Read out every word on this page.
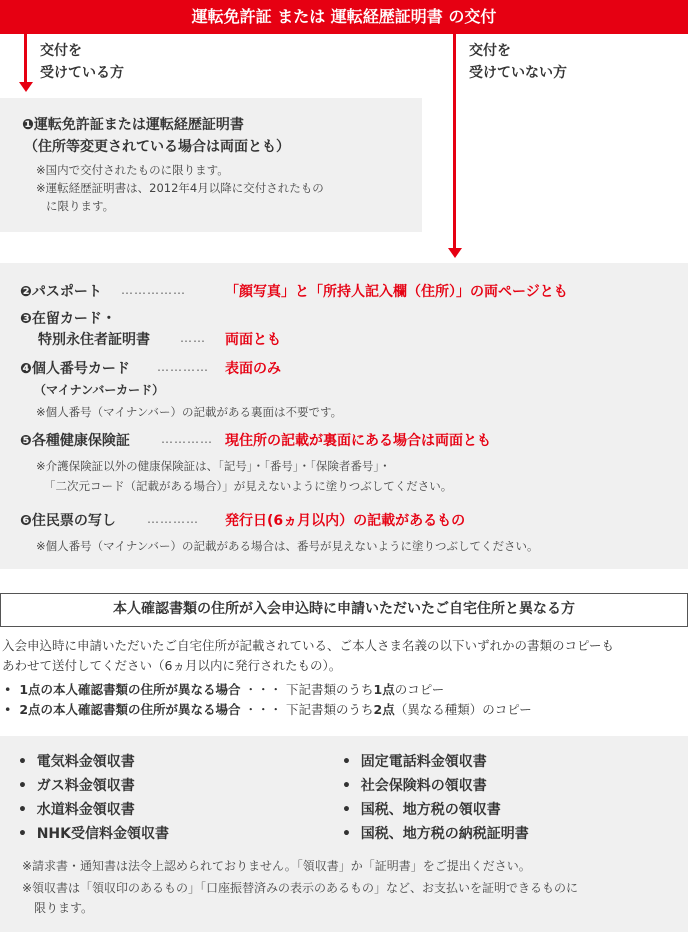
運転免許証 または 運転経歴証明書 の交付
交付を
受けている方
交付を
受けていない方
❶運転免許証または運転経歴証明書
（住所等変更されている場合は両面とも）
※国内で交付されたものに限ります。
※運転経歴証明書は、2012年4月以降に交付されたもの
に限ります。
❷パスポート ……………	「顔写真」と「所持人記入欄（住所）」の両ページとも
❸在留カード・
特別永住者証明書	…… 両面とも
❹個人番号カード ………… 表面のみ
（マイナンバーカード）
※個人番号（マイナンバー）の記載がある裏面は不要です。
❺各種健康保険証	………… 現住所の記載が裏面にある場合は両面とも
※介護保険証以外の健康保険証は、「記号」・「番号」・「保険者番号」・
「二次元コード（記載がある場合）」が見えないように塗りつぶしてください。
❻住民票の写し	………… 発行日(6ヵ月以内）の記載があるもの
※個人番号（マイナンバー）の記載がある場合は、番号が見えないように塗りつぶしてください。
本人確認書類の住所が入会申込時に申請いただいたご自宅住所と異なる方
入会申込時に申請いただいたご自宅住所が記載されている、ご本人さま名義の以下いずれかの書類のコピーも
あわせて送付してください（6ヵ月以内に発行されたもの）。
•  1点の本人確認書類の住所が異なる場合 ・・・ 下記書類のうち1点のコピー
•  2点の本人確認書類の住所が異なる場合 ・・・ 下記書類のうち2点（異なる種類）のコピー
•  電気料金領収書
•  ガス料金領収書
•  水道料金領収書
•  NHK受信料金領収書
•  固定電話料金領収書
•  社会保険料の領収書
•  国税、地方税の領収書
•  国税、地方税の納税証明書
※請求書・通知書は法令上認められておりません。「領収書」か「証明書」をご提出ください。
※領収書は「領収印のあるもの」「口座振替済みの表示のあるもの」など、お支払いを証明できるものに
限ります。
